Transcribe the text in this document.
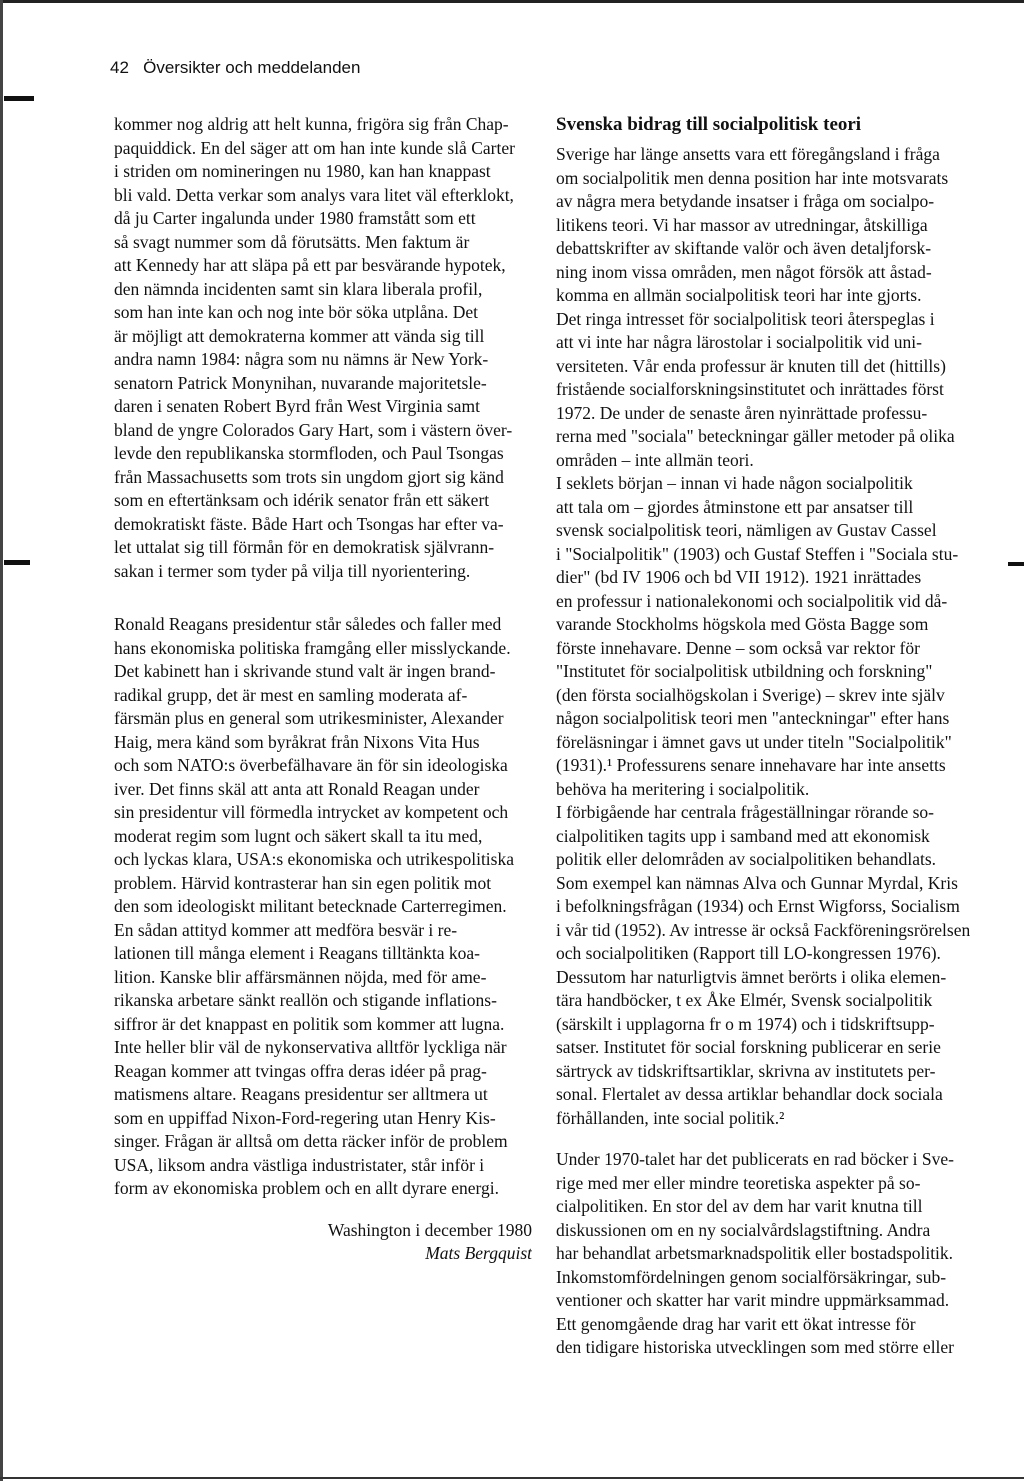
42 Översikter och meddelanden
kommer nog aldrig att helt kunna, frigöra sig från Chap-
paquiddick. En del säger att om han inte kunde slå Carter
i striden om nomineringen nu 1980, kan han knappast
bli vald. Detta verkar som analys vara litet väl efterklokt,
då ju Carter ingalunda under 1980 framstått som ett
så svagt nummer som då förutsätts. Men faktum är
att Kennedy har att släpa på ett par besvärande hypotek,
den nämnda incidenten samt sin klara liberala profil,
som han inte kan och nog inte bör söka utplåna. Det
är möjligt att demokraterna kommer att vända sig till
andra namn 1984: några som nu nämns är New York-
senatorn Patrick Monynihan, nuvarande majoritetsle-
daren i senaten Robert Byrd från West Virginia samt
bland de yngre Colorados Gary Hart, som i västern över-
levde den republikanska stormfloden, och Paul Tsongas
från Massachusetts som trots sin ungdom gjort sig känd
som en eftertänksam och idérik senator från ett säkert
demokratiskt fäste. Både Hart och Tsongas har efter va-
let uttalat sig till förmån för en demokratisk självrann-
sakan i termer som tyder på vilja till nyorientering.
Ronald Reagans presidentur står således och faller med
hans ekonomiska politiska framgång eller misslyckande.
Det kabinett han i skrivande stund valt är ingen brand-
radikal grupp, det är mest en samling moderata af-
färsmän plus en general som utrikesminister, Alexander
Haig, mera känd som byråkrat från Nixons Vita Hus
och som NATO:s överbefälhavare än för sin ideologiska
iver. Det finns skäl att anta att Ronald Reagan under
sin presidentur vill förmedla intrycket av kompetent och
moderat regim som lugnt och säkert skall ta itu med,
och lyckas klara, USA:s ekonomiska och utrikespolitiska
problem. Härvid kontrasterar han sin egen politik mot
den som ideologiskt militant betecknade Carterregimen.
En sådan attityd kommer att medföra besvär i re-
lationen till många element i Reagans tilltänkta koa-
lition. Kanske blir affärsmännen nöjda, med för ame-
rikanska arbetare sänkt reallön och stigande inflations-
siffror är det knappast en politik som kommer att lugna.
Inte heller blir väl de nykonservativa alltför lyckliga när
Reagan kommer att tvingas offra deras idéer på prag-
matismens altare. Reagans presidentur ser alltmera ut
som en uppiffad Nixon-Ford-regering utan Henry Kis-
singer. Frågan är alltså om detta räcker inför de problem
USA, liksom andra västliga industristater, står inför i
form av ekonomiska problem och en allt dyrare energi.
Washington i december 1980
Mats Bergquist
Svenska bidrag till socialpolitisk teori
Sverige har länge ansetts vara ett föregångsland i fråga
om socialpolitik men denna position har inte motsvarats
av några mera betydande insatser i fråga om socialpo-
litikens teori. Vi har massor av utredningar, åtskilliga
debattskrifter av skiftande valör och även detaljforsk-
ning inom vissa områden, men något försök att åstad-
komma en allmän socialpolitisk teori har inte gjorts.
Det ringa intresset för socialpolitisk teori återspeglas i
att vi inte har några lärostolar i socialpolitik vid uni-
versiteten. Vår enda professur är knuten till det (hittills)
fristående socialforskningsinstitutet och inrättades först
1972. De under de senaste åren nyinrättade professu-
rerna med "sociala" beteckningar gäller metoder på olika
områden – inte allmän teori.
I seklets början – innan vi hade någon socialpolitik
att tala om – gjordes åtminstone ett par ansatser till
svensk socialpolitisk teori, nämligen av Gustav Cassel
i "Socialpolitik" (1903) och Gustaf Steffen i "Sociala stu-
dier" (bd IV 1906 och bd VII 1912). 1921 inrättades
en professur i nationalekonomi och socialpolitik vid då-
varande Stockholms högskola med Gösta Bagge som
förste innehavare. Denne – som också var rektor för
"Institutet för socialpolitisk utbildning och forskning"
(den första socialhögskolan i Sverige) – skrev inte själv
någon socialpolitisk teori men "anteckningar" efter hans
föreläsningar i ämnet gavs ut under titeln "Socialpolitik"
(1931).¹ Professurens senare innehavare har inte ansetts
behöva ha meritering i socialpolitik.
I förbigående har centrala frågeställningar rörande so-
cialpolitiken tagits upp i samband med att ekonomisk
politik eller delområden av socialpolitiken behandlats.
Som exempel kan nämnas Alva och Gunnar Myrdal, Kris
i befolkningsfrågan (1934) och Ernst Wigforss, Socialism
i vår tid (1952). Av intresse är också Fackföreningsrörelsen
och socialpolitiken (Rapport till LO-kongressen 1976).
Dessutom har naturligtvis ämnet berörts i olika elemen-
tära handböcker, t ex Åke Elmér, Svensk socialpolitik
(särskilt i upplagorna fr o m 1974) och i tidskriftsupp-
satser. Institutet för social forskning publicerar en serie
särtryck av tidskriftsartiklar, skrivna av institutets per-
sonal. Flertalet av dessa artiklar behandlar dock sociala
förhållanden, inte social politik.²
Under 1970-talet har det publicerats en rad böcker i Sve-
rige med mer eller mindre teoretiska aspekter på so-
cialpolitiken. En stor del av dem har varit knutna till
diskussionen om en ny socialvårdslagstiftning. Andra
har behandlat arbetsmarknadspolitik eller bostadspolitik.
Inkomstomfördelningen genom socialförsäkringar, sub-
ventioner och skatter har varit mindre uppmärksammad.
Ett genomgående drag har varit ett ökat intresse för
den tidigare historiska utvecklingen som med större eller
